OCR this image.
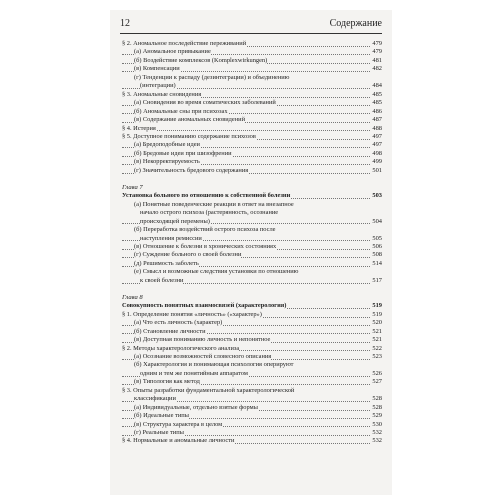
12	Содержание
§ 2. Аномальное последействие переживаний	479
(а) Аномальное привыкание	479
(б) Воздействие комплексов (Komplexwirkungen)	481
(в) Компенсации	482
(г) Тенденции к распаду (дезинтеграции) и объединению
(интеграции)	484
§ 3. Аномальные сновидения	485
(а) Сновидения во время соматических заболеваний	485
(б) Аномальные сны при психозах	486
(в) Содержание аномальных сновидений	487
§ 4. Истерия	488
§ 5. Доступное пониманию содержание психозов	497
(а) Бредоподобные идеи	497
(б) Бредовые идеи при шизофрении	498
(в) Некорректируемость	499
(г) Значительность бредового содержания	501
Глава 7
Установка больного по отношению к собственной болезни	503
(а) Понятные поведенческие реакции в ответ на внезапное
начало острого психоза (растерянность, осознание
происходящей перемены)	504
(б) Переработка воздействий острого психоза после
наступления ремиссии	505
(в) Отношение к болезни в хронических состояниях	506
(г) Суждение больного о своей болезни	508
(д) Решимость заболеть	514
(е) Смысл и возможные следствия установки по отношению
к своей болезни	517
Глава 8
Совокупность понятных взаимосвязей (характерология)	519
§ 1. Определение понятия «личность» («характер»)	519
(а) Что есть личность (характер)	520
(б) Становление личности	521
(в) Доступная пониманию личность и непонятное	521
§ 2. Методы характерологического анализа	522
(а) Осознание возможностей словесного описания	523
(б) Характерология и понимающая психология оперируют
одним и тем же понятийным аппаратом	526
(в) Типология как метод	527
§ 3. Опыты разработки фундаментальной характерологической
классификации	528
(а) Индивидуальные, отдельно взятые формы	528
(б) Идеальные типы	529
(в) Структура характера в целом	530
(г) Реальные типы	532
§ 4. Нормальные и аномальные личности	532
